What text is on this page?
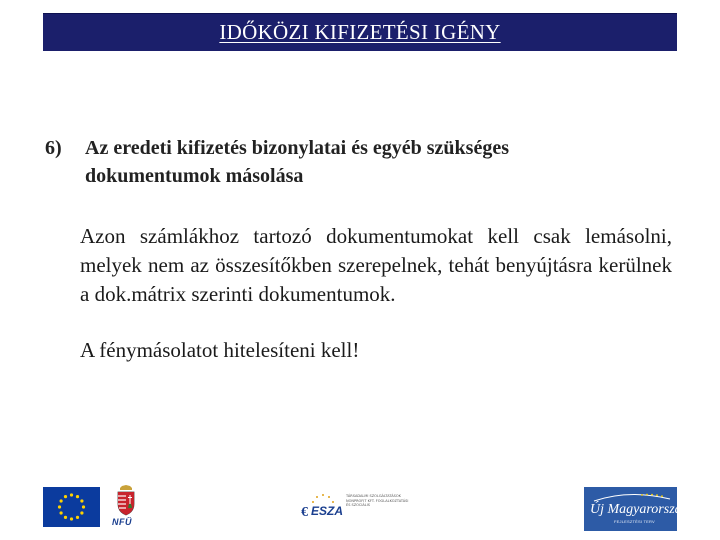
IDŐKÖZI KIFIZETÉSI IGÉNY
6) Az eredeti kifizetés bizonylatai és egyéb szükséges dokumentumok másolása
Azon számlákhoz tartozó dokumentumokat kell csak lemásolni, melyek nem az összesítőkben szerepelnek, tehát benyújtásra kerülnek a dok.mátrix szerinti dokumentumok.
A fénymásolatot hitelesíteni kell!
NFÜ
€ ESZA
TÁRSADALMI SZOLGÁLTATÁSOK NONPROFIT KFT. FOGLALKOZTATÁSI ÉS SZOCIÁLIS	Új Magyarország
FEJLESZTÉSI TERV
